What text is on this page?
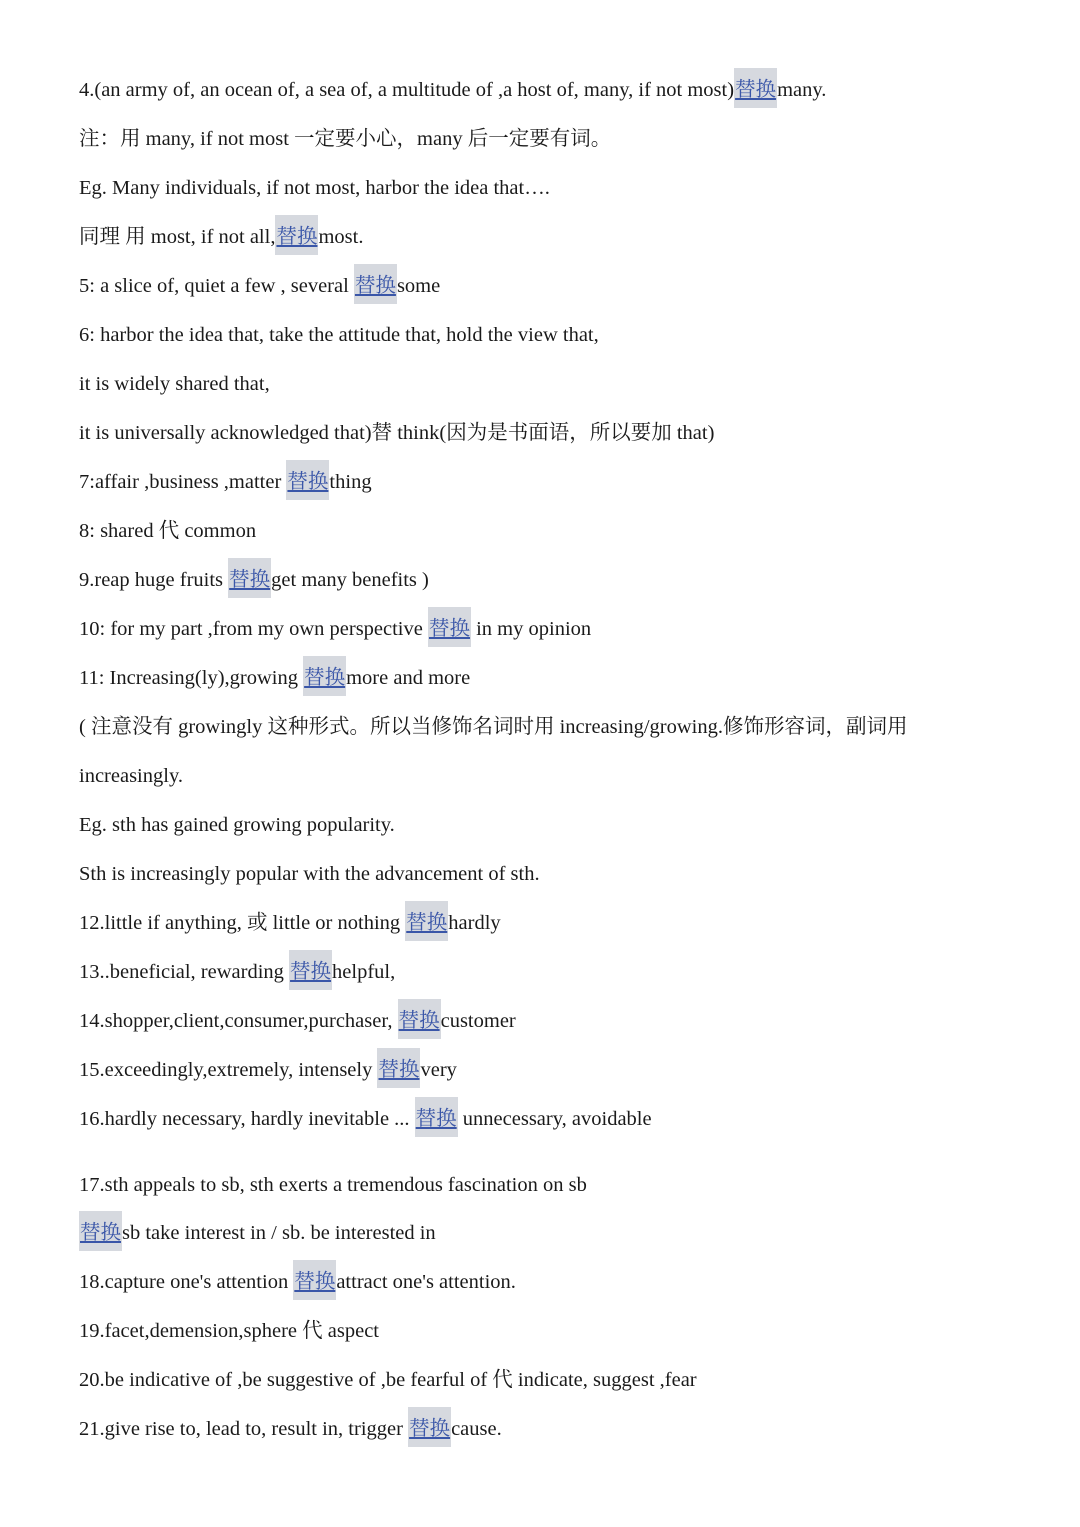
4.(an army of, an ocean of, a sea of, a multitude of ,a host of, many, if not most)替换many.
注：用 many, if not most 一定要小心，many 后一定要有词。
Eg. Many individuals, if not most, harbor the idea that….
同理 用 most, if not all,替换most.
5: a slice of, quiet a few , several 替换some
6: harbor the idea that, take the attitude that, hold the view that,
it is widely shared that,
it is universally acknowledged that)替 think(因为是书面语，所以要加 that)
7:affair ,business ,matter 替换thing
8: shared 代 common
9.reap huge fruits 替换get many benefits )
10: for my part ,from my own perspective 替换 in my opinion
11: Increasing(ly),growing 替换more and more
( 注意没有 growingly 这种形式。所以当修饰名词时用 increasing/growing.修饰形容词，副词用
increasingly.
Eg. sth has gained growing popularity.
Sth is increasingly popular with the advancement of sth.
12.little if anything, 或 little or nothing 替换hardly
13..beneficial, rewarding 替换helpful,
14.shopper,client,consumer,purchaser, 替换customer
15.exceedingly,extremely, intensely 替换very
16.hardly necessary, hardly inevitable ... 替换 unnecessary, avoidable
17.sth appeals to sb, sth exerts a tremendous fascination on sb
替换sb take interest in / sb. be interested in
18.capture one's attention 替换attract one's attention.
19.facet,demension,sphere 代 aspect
20.be indicative of ,be suggestive of ,be fearful of 代 indicate, suggest ,fear
21.give rise to, lead to, result in, trigger 替换cause.
